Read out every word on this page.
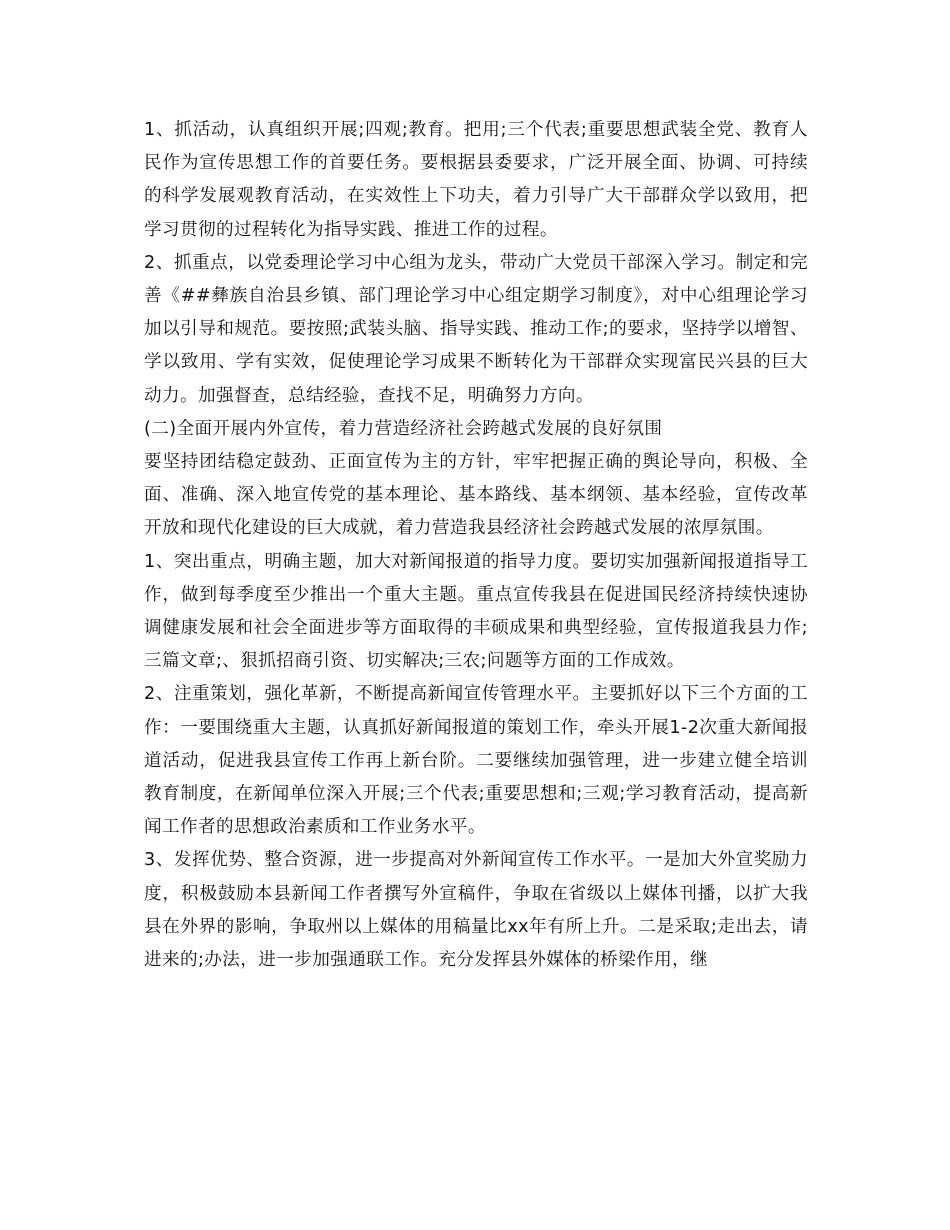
1、抓活动，认真组织开展;四观;教育。把用;三个代表;重要思想武装全党、教育人民作为宣传思想工作的首要任务。要根据县委要求，广泛开展全面、协调、可持续的科学发展观教育活动，在实效性上下功夫，着力引导广大干部群众学以致用，把学习贯彻的过程转化为指导实践、推进工作的过程。

2、抓重点，以党委理论学习中心组为龙头，带动广大党员干部深入学习。制定和完善《##彝族自治县乡镇、部门理论学习中心组定期学习制度》，对中心组理论学习加以引导和规范。要按照;武装头脑、指导实践、推动工作;的要求，坚持学以增智、学以致用、学有实效，促使理论学习成果不断转化为干部群众实现富民兴县的巨大动力。加强督查，总结经验，查找不足，明确努力方向。

(二)全面开展内外宣传，着力营造经济社会跨越式发展的良好氛围

要坚持团结稳定鼓劲、正面宣传为主的方针，牢牢把握正确的舆论导向，积极、全面、准确、深入地宣传党的基本理论、基本路线、基本纲领、基本经验，宣传改革开放和现代化建设的巨大成就，着力营造我县经济社会跨越式发展的浓厚氛围。

1、突出重点，明确主题，加大对新闻报道的指导力度。要切实加强新闻报道指导工作，做到每季度至少推出一个重大主题。重点宣传我县在促进国民经济持续快速协调健康发展和社会全面进步等方面取得的丰硕成果和典型经验，宣传报道我县力作;三篇文章;、狠抓招商引资、切实解决;三农;问题等方面的工作成效。

2、注重策划，强化革新，不断提高新闻宣传管理水平。主要抓好以下三个方面的工作：一要围绕重大主题，认真抓好新闻报道的策划工作，牵头开展1-2次重大新闻报道活动，促进我县宣传工作再上新台阶。二要继续加强管理，进一步建立健全培训教育制度，在新闻单位深入开展;三个代表;重要思想和;三观;学习教育活动，提高新闻工作者的思想政治素质和工作业务水平。

3、发挥优势、整合资源，进一步提高对外新闻宣传工作水平。一是加大外宣奖励力度，积极鼓励本县新闻工作者撰写外宣稿件，争取在省级以上媒体刊播，以扩大我县在外界的影响，争取州以上媒体的用稿量比xx年有所上升。二是采取;走出去，请进来的;办法，进一步加强通联工作。充分发挥县外媒体的桥梁作用，继
